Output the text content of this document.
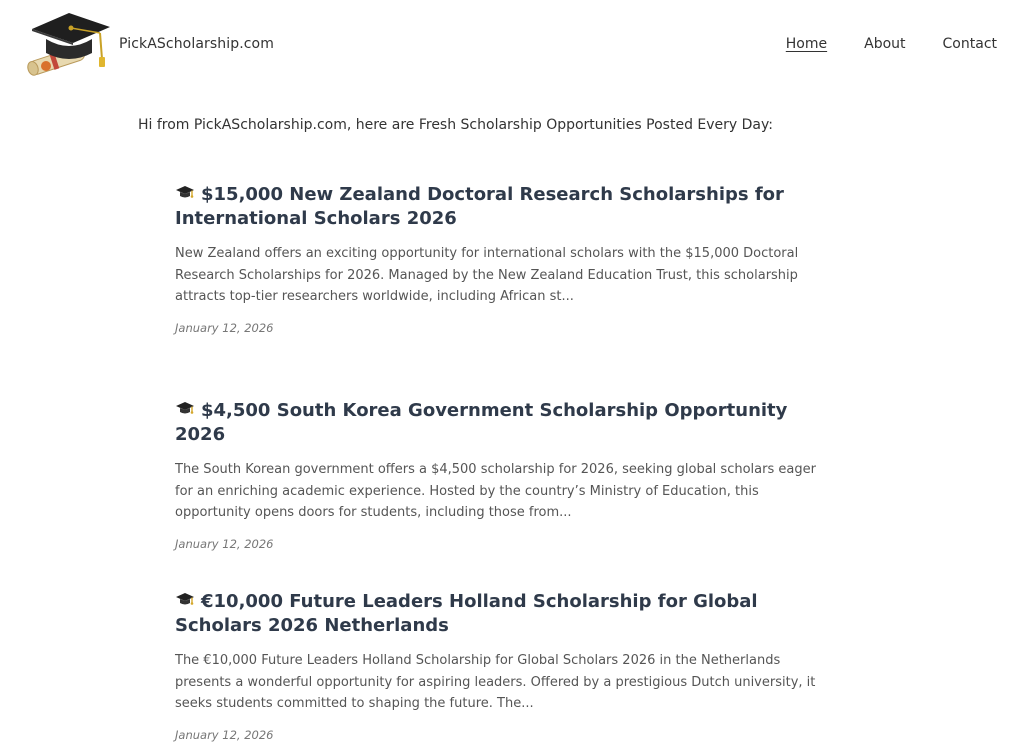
PickAScholarship.com	Home	About	Contact

Hi from PickAScholarship.com, here are Fresh Scholarship Opportunities Posted Every Day:

$15,000 New Zealand Doctoral Research Scholarships for International Scholars 2026

New Zealand offers an exciting opportunity for international scholars with the $15,000 Doctoral Research Scholarships for 2026. Managed by the New Zealand Education Trust, this scholarship attracts top-tier researchers worldwide, including African st...

January 12, 2026

$4,500 South Korea Government Scholarship Opportunity 2026

The South Korean government offers a $4,500 scholarship for 2026, seeking global scholars eager for an enriching academic experience. Hosted by the country’s Ministry of Education, this opportunity opens doors for students, including those from...

January 12, 2026

€10,000 Future Leaders Holland Scholarship for Global Scholars 2026 Netherlands

The €10,000 Future Leaders Holland Scholarship for Global Scholars 2026 in the Netherlands presents a wonderful opportunity for aspiring leaders. Offered by a prestigious Dutch university, it seeks students committed to shaping the future. The...

January 12, 2026
